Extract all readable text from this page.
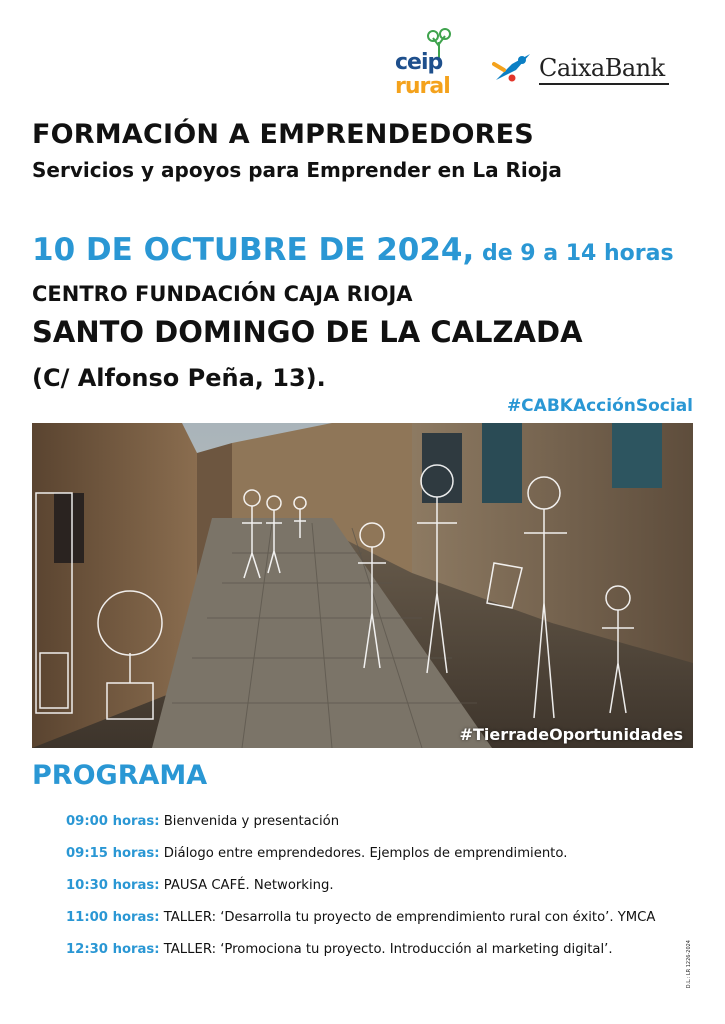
ceip
rural
CaixaBank
FORMACIÓN A EMPRENDEDORES
Servicios y apoyos para Emprender en La Rioja
10 DE OCTUBRE DE 2024, de 9 a 14 horas
CENTRO FUNDACIÓN CAJA RIOJA
SANTO DOMINGO DE LA CALZADA
(C/ Alfonso Peña, 13).
#CABKAcciónSocial
#TierradeOportunidades
PROGRAMA
09:00 horas: Bienvenida y presentación
09:15 horas: Diálogo entre emprendedores. Ejemplos de emprendimiento.
10:30 horas: PAUSA CAFÉ. Networking.
11:00 horas: TALLER: ‘Desarrolla tu proyecto de emprendimiento rural con éxito’. YMCA
12:30 horas: TALLER: ‘Promociona tu proyecto. Introducción al marketing digital’.	D.L.: LR 1226-2024
